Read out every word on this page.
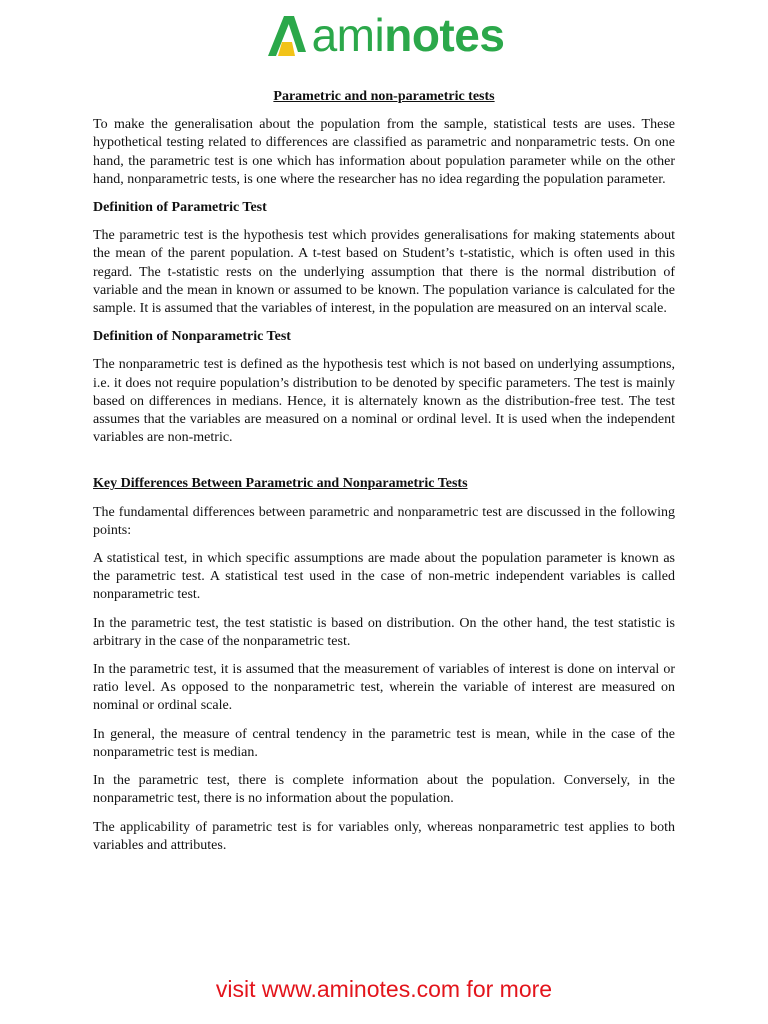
aminotes
Parametric and non-parametric tests

To make the generalisation about the population from the sample, statistical tests are uses. These hypothetical testing related to differences are classified as parametric and nonparametric tests. On one hand, the parametric test is one which has information about population parameter while on the other hand, nonparametric tests, is one where the researcher has no idea regarding the population parameter.

Definition of Parametric Test

The parametric test is the hypothesis test which provides generalisations for making statements about the mean of the parent population. A t-test based on Student’s t-statistic, which is often used in this regard. The t-statistic rests on the underlying assumption that there is the normal distribution of variable and the mean in known or assumed to be known. The population variance is calculated for the sample. It is assumed that the variables of interest, in the population are measured on an interval scale.

Definition of Nonparametric Test

The nonparametric test is defined as the hypothesis test which is not based on underlying assumptions, i.e. it does not require population’s distribution to be denoted by specific parameters. The test is mainly based on differences in medians. Hence, it is alternately known as the distribution-free test. The test assumes that the variables are measured on a nominal or ordinal level. It is used when the independent variables are non-metric.

Key Differences Between Parametric and Nonparametric Tests

The fundamental differences between parametric and nonparametric test are discussed in the following points:

A statistical test, in which specific assumptions are made about the population parameter is known as the parametric test. A statistical test used in the case of non-metric independent variables is called nonparametric test.

In the parametric test, the test statistic is based on distribution. On the other hand, the test statistic is arbitrary in the case of the nonparametric test.

In the parametric test, it is assumed that the measurement of variables of interest is done on interval or ratio level. As opposed to the nonparametric test, wherein the variable of interest are measured on nominal or ordinal scale.

In general, the measure of central tendency in the parametric test is mean, while in the case of the nonparametric test is median.

In the parametric test, there is complete information about the population. Conversely, in the nonparametric test, there is no information about the population.

The applicability of parametric test is for variables only, whereas nonparametric test applies to both variables and attributes.

visit www.aminotes.com for more
